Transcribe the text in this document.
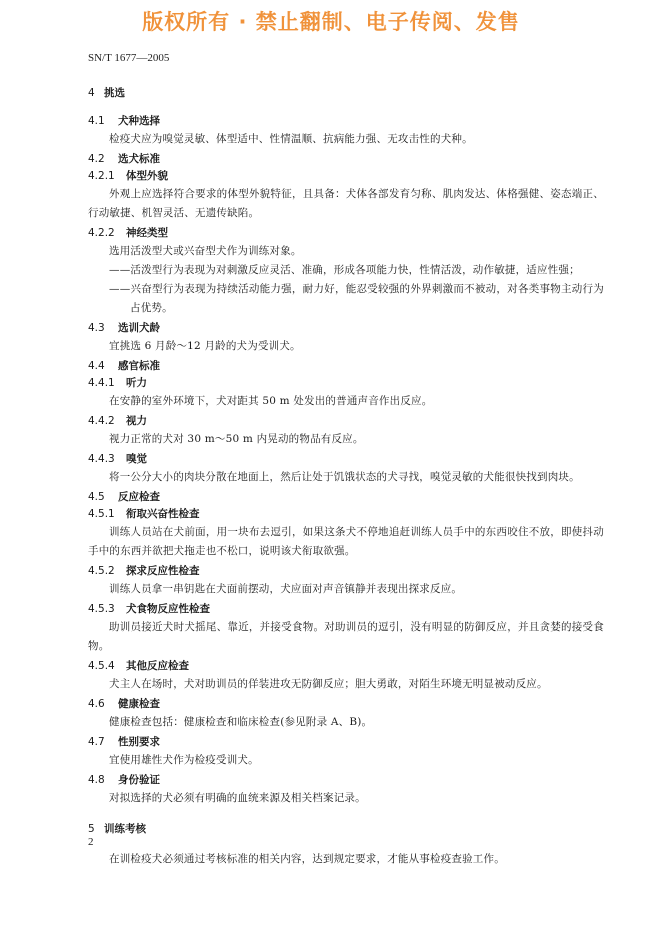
版权所有 · 禁止翻制、电子传阅、发售
SN/T 1677—2005
4 挑选
4.1 犬种选择

检疫犬应为嗅觉灵敏、体型适中、性情温顺、抗病能力强、无攻击性的犬种。

4.2 选犬标准
4.2.1 体型外貌

外观上应选择符合要求的体型外貌特征，且具备：犬体各部发育匀称、肌肉发达、体格强健、姿态端正、行动敏捷、机智灵活、无遗传缺陷。

4.2.2 神经类型

选用活泼型犬或兴奋型犬作为训练对象。

——活泼型行为表现为对刺激反应灵活、准确，形成各项能力快，性情活泼，动作敏捷，适应性强；

——兴奋型行为表现为持续活动能力强，耐力好，能忍受较强的外界刺激而不被动，对各类事物主动行为占优势。

4.3 选训犬龄

宜挑选 6 月龄～12 月龄的犬为受训犬。

4.4 感官标准
4.4.1 听力

在安静的室外环境下，犬对距其 50 m 处发出的普通声音作出反应。

4.4.2 视力

视力正常的犬对 30 m～50 m 内晃动的物品有反应。

4.4.3 嗅觉

将一公分大小的肉块分散在地面上，然后让处于饥饿状态的犬寻找，嗅觉灵敏的犬能很快找到肉块。

4.5 反应检查
4.5.1 衔取兴奋性检查

训练人员站在犬前面，用一块布去逗引，如果这条犬不停地追赶训练人员手中的东西咬住不放，即使抖动手中的东西并欲把犬拖走也不松口，说明该犬衔取欲强。

4.5.2 探求反应性检查

训练人员拿一串钥匙在犬面前摆动，犬应面对声音镇静并表现出探求反应。

4.5.3 犬食物反应性检查

助训员接近犬时犬摇尾、靠近，并接受食物。对助训员的逗引，没有明显的防御反应，并且贪婪的接受食物。

4.5.4 其他反应检查

犬主人在场时，犬对助训员的佯装进攻无防御反应；胆大勇敢，对陌生环境无明显被动反应。

4.6 健康检查

健康检查包括：健康检查和临床检查(参见附录 A、B)。

4.7 性别要求

宜使用雄性犬作为检疫受训犬。

4.8 身份验证

对拟选择的犬必须有明确的血统来源及相关档案记录。

5 训练考核

在训检疫犬必须通过考核标准的相关内容，达到规定要求，才能从事检疫查验工作。

2
